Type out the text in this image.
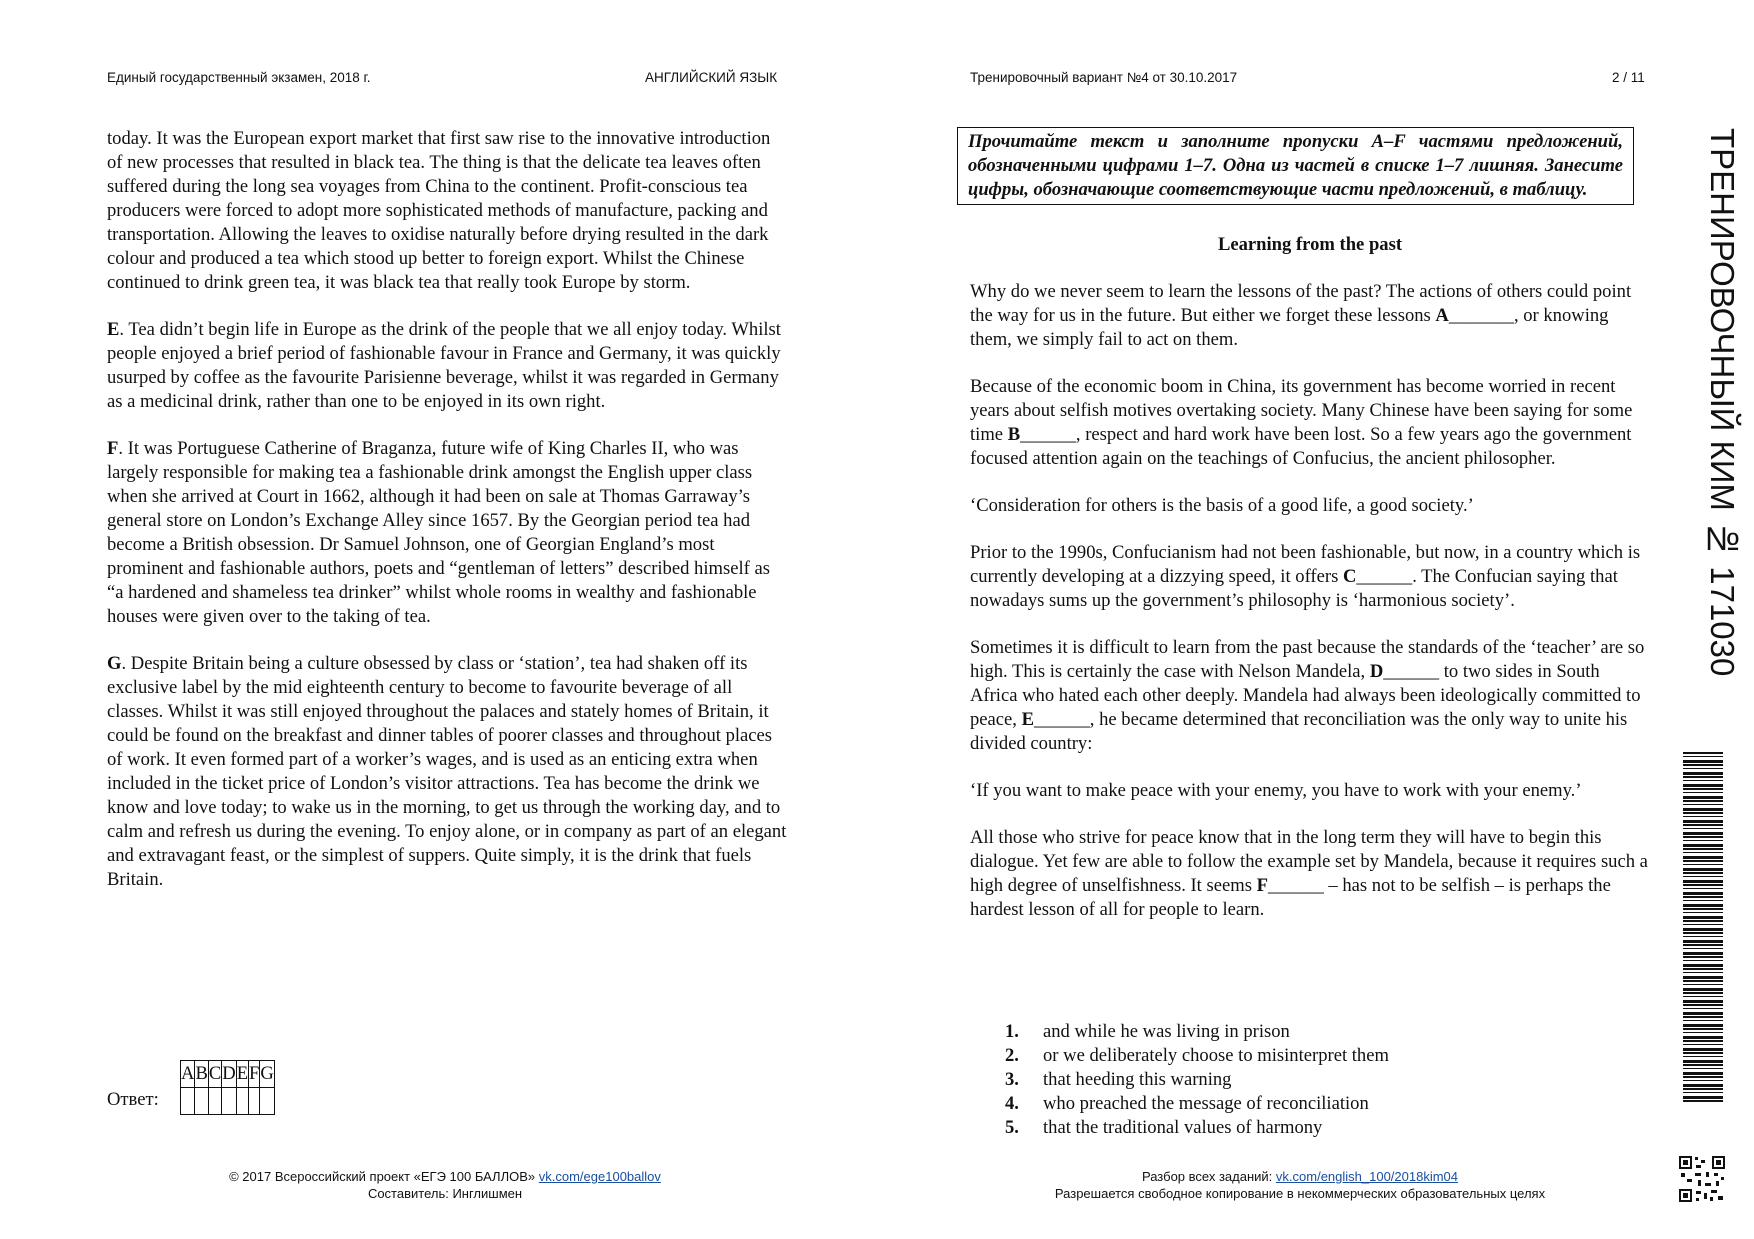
Единый государственный экзамен, 2018 г.	АНГЛИЙСКИЙ ЯЗЫК	Тренировочный вариант №4 от 30.10.2017	2 / 11

today. It was the European export market that first saw rise to the innovative introduction of new processes that resulted in black tea. The thing is that the delicate tea leaves often suffered during the long sea voyages from China to the continent. Profit-conscious tea producers were forced to adopt more sophisticated methods of manufacture, packing and transportation. Allowing the leaves to oxidise naturally before drying resulted in the dark colour and produced a tea which stood up better to foreign export. Whilst the Chinese continued to drink green tea, it was black tea that really took Europe by storm.

E. Tea didn’t begin life in Europe as the drink of the people that we all enjoy today. Whilst people enjoyed a brief period of fashionable favour in France and Germany, it was quickly usurped by coffee as the favourite Parisienne beverage, whilst it was regarded in Germany as a medicinal drink, rather than one to be enjoyed in its own right.

F. It was Portuguese Catherine of Braganza, future wife of King Charles II, who was largely responsible for making tea a fashionable drink amongst the English upper class when she arrived at Court in 1662, although it had been on sale at Thomas Garraway’s general store on London’s Exchange Alley since 1657. By the Georgian period tea had become a British obsession. Dr Samuel Johnson, one of Georgian England’s most prominent and fashionable authors, poets and “gentleman of letters” described himself as “a hardened and shameless tea drinker” whilst whole rooms in wealthy and fashionable houses were given over to the taking of tea.

G. Despite Britain being a culture obsessed by class or ‘station’, tea had shaken off its exclusive label by the mid eighteenth century to become to favourite beverage of all classes. Whilst it was still enjoyed throughout the palaces and stately homes of Britain, it could be found on the breakfast and dinner tables of poorer classes and throughout places of work. It even formed part of a worker’s wages, and is used as an enticing extra when included in the ticket price of London’s visitor attractions. Tea has become the drink we know and love today; to wake us in the morning, to get us through the working day, and to calm and refresh us during the evening. To enjoy alone, or in company as part of an elegant and extravagant feast, or the simplest of suppers. Quite simply, it is the drink that fuels Britain.

Ответ:
A	B	C	D	E	F	G

Прочитайте текст и заполните пропуски A–F частями предложений, обозначенными цифрами 1–7. Одна из частей в списке 1–7 лишняя. Занесите цифры, обозначающие соответствующие части предложений, в таблицу.

Learning from the past

Why do we never seem to learn the lessons of the past? The actions of others could point the way for us in the future. But either we forget these lessons A_______, or knowing them, we simply fail to act on them.

Because of the economic boom in China, its government has become worried in recent years about selfish motives overtaking society. Many Chinese have been saying for some time B______, respect and hard work have been lost. So a few years ago the government focused attention again on the teachings of Confucius, the ancient philosopher.

‘Consideration for others is the basis of a good life, a good society.’

Prior to the 1990s, Confucianism had not been fashionable, but now, in a country which is currently developing at a dizzying speed, it offers C______. The Confucian saying that nowadays sums up the government’s philosophy is ‘harmonious society’.

Sometimes it is difficult to learn from the past because the standards of the ‘teacher’ are so high. This is certainly the case with Nelson Mandela, D______ to two sides in South Africa who hated each other deeply. Mandela had always been ideologically committed to peace, E______, he became determined that reconciliation was the only way to unite his divided country:

‘If you want to make peace with your enemy, you have to work with your enemy.’

All those who strive for peace know that in the long term they will have to begin this dialogue. Yet few are able to follow the example set by Mandela, because it requires such a high degree of unselfishness. It seems F______ – has not to be selfish – is perhaps the hardest lesson of all for people to learn.

1.	and while he was living in prison
2.	or we deliberately choose to misinterpret them
3.	that heeding this warning
4.	who preached the message of reconciliation
5.	that the traditional values of harmony
© 2017 Всероссийский проект «ЕГЭ 100 БАЛЛОВ» vk.com/ege100ballov
Составитель: Инглишмен
Разбор всех заданий: vk.com/english_100/2018kim04
Разрешается свободное копирование в некоммерческих образовательных целях
ТРЕНИРОВОЧНЫЙ КИМ № 171030
